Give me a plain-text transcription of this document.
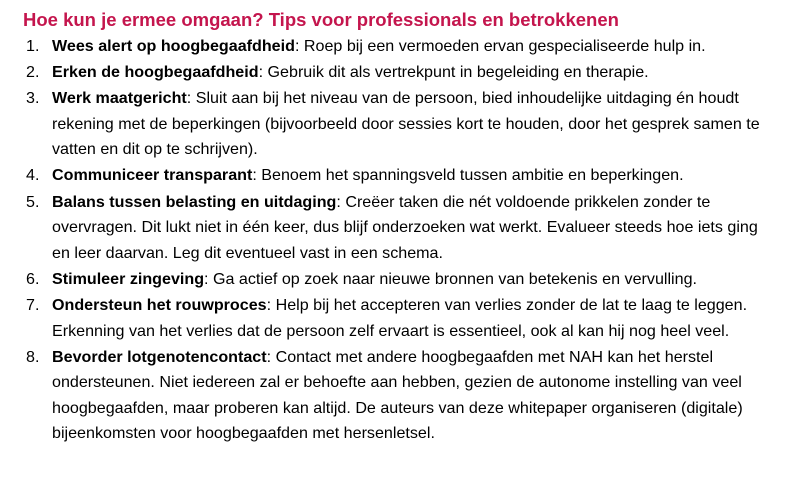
Hoe kun je ermee omgaan? Tips voor professionals en betrokkenen
1. Wees alert op hoogbegaafdheid: Roep bij een vermoeden ervan gespecialiseerde hulp in.
2. Erken de hoogbegaafdheid: Gebruik dit als vertrekpunt in begeleiding en therapie.
3. Werk maatgericht: Sluit aan bij het niveau van de persoon, bied inhoudelijke uitdaging én houdt rekening met de beperkingen (bijvoorbeeld door sessies kort te houden, door het gesprek samen te vatten en dit op te schrijven).
4. Communiceer transparant: Benoem het spanningsveld tussen ambitie en beperkingen.
5. Balans tussen belasting en uitdaging: Creëer taken die nét voldoende prikkelen zonder te overvragen. Dit lukt niet in één keer, dus blijf onderzoeken wat werkt. Evalueer steeds hoe iets ging en leer daarvan. Leg dit eventueel vast in een schema.
6. Stimuleer zingeving: Ga actief op zoek naar nieuwe bronnen van betekenis en vervulling.
7. Ondersteun het rouwproces: Help bij het accepteren van verlies zonder de lat te laag te leggen. Erkenning van het verlies dat de persoon zelf ervaart is essentieel, ook al kan hij nog heel veel.
8. Bevorder lotgenotencontact: Contact met andere hoogbegaafden met NAH kan het herstel ondersteunen. Niet iedereen zal er behoefte aan hebben, gezien de autonome instelling van veel hoogbegaafden, maar proberen kan altijd. De auteurs van deze whitepaper organiseren (digitale) bijeenkomsten voor hoogbegaafden met hersenletsel.
